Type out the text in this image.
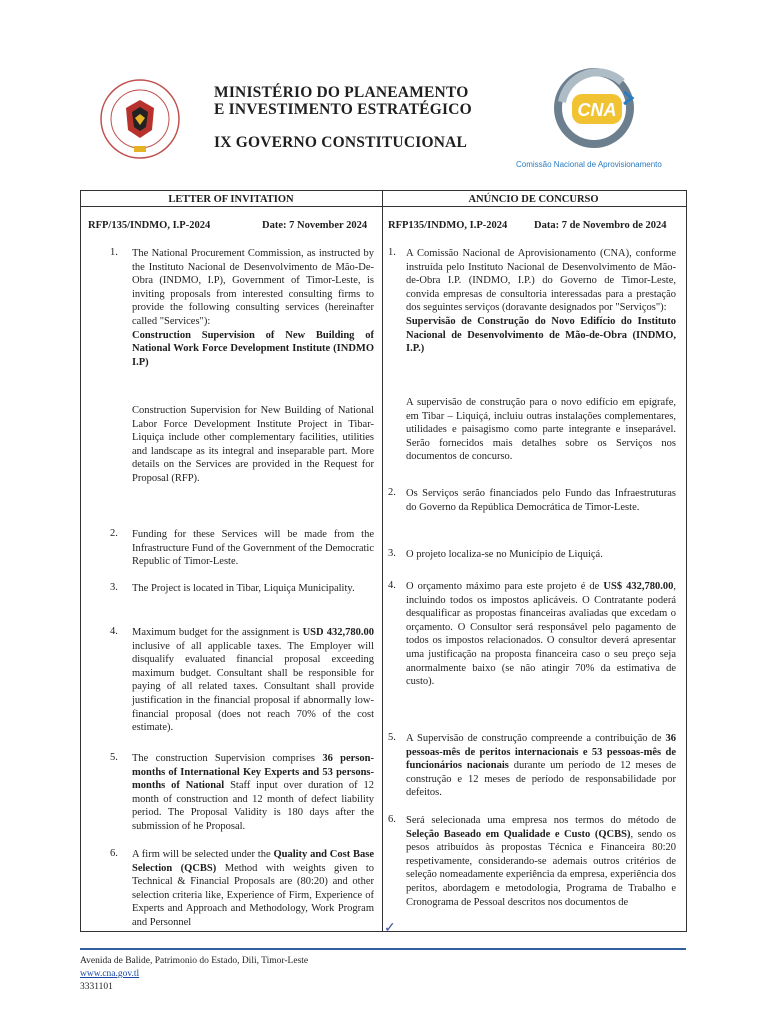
MINISTÉRIO DO PLANEAMENTO
E INVESTIMENTO ESTRATÉGICO
IX GOVERNO CONSTITUCIONAL
CNA
Comissão Nacional de Aprovisionamento
LETTER OF INVITATION
RFP/135/INDMO, I.P-2024	Date: 7 November 2024
1. The National Procurement Commission, as instructed by the Instituto Nacional de Desenvolvimento de Mão-De-Obra (INDMO, I.P), Government of Timor-Leste, is inviting proposals from interested consulting firms to provide the following consulting services (hereinafter called "Services"):
Construction Supervision of New Building of National Work Force Development Institute (INDMO I.P)
Construction Supervision for New Building of National Labor Force Development Institute Project in Tibar-Liquiça include other complementary facilities, utilities and landscape as its integral and inseparable part. More details on the Services are provided in the Request for Proposal (RFP).
2. Funding for these Services will be made from the Infrastructure Fund of the Government of the Democratic Republic of Timor-Leste.
3. The Project is located in Tibar, Liquiça Municipality.
4. Maximum budget for the assignment is USD 432,780.00 inclusive of all applicable taxes. The Employer will disqualify evaluated financial proposal exceeding maximum budget. Consultant shall be responsible for paying of all related taxes. Consultant shall provide justification in the financial proposal if abnormally low-financial proposal (does not reach 70% of the cost estimate).
5. The construction Supervision comprises 36 person-months of International Key Experts and 53 persons-months of National Staff input over duration of 12 month of construction and 12 month of defect liability period. The Proposal Validity is 180 days after the submission of he Proposal.
6. A firm will be selected under the Quality and Cost Base Selection (QCBS) Method with weights given to Technical & Financial Proposals are (80:20) and other selection criteria like, Experience of Firm, Experience of Experts and Approach and Methodology, Work Program and Personnel
ANÚNCIO DE CONCURSO
RFP135/INDMO, I.P-2024	Data: 7 de Novembro de 2024
1. A Comissão Nacional de Aprovisionamento (CNA), conforme instruída pelo Instituto Nacional de Desenvolvimento de Mão-de-Obra I.P. (INDMO, I.P.) do Governo de Timor-Leste, convida empresas de consultoria interessadas para a prestação dos seguintes serviços (doravante designados por "Serviços"):
Supervisão de Construção do Novo Edifício do Instituto Nacional de Desenvolvimento de Mão-de-Obra (INDMO, I.P.)
A supervisão de construção para o novo edifício em epígrafe, em Tibar – Liquiçá, incluiu outras instalações complementares, utilidades e paisagismo como parte integrante e inseparável. Serão fornecidos mais detalhes sobre os Serviços nos documentos de concurso.
2. Os Serviços serão financiados pelo Fundo das Infraestruturas do Governo da República Democrática de Timor-Leste.
3. O projeto localiza-se no Município de Liquiçá.
4. O orçamento máximo para este projeto é de US$ 432,780.00, incluindo todos os impostos aplicáveis. O Contratante poderá desqualificar as propostas financeiras avaliadas que excedam o orçamento. O Consultor será responsável pelo pagamento de todos os impostos relacionados. O consultor deverá apresentar uma justificação na proposta financeira caso o seu preço seja anormalmente baixo (se não atingir 70% da estimativa de custo).
5. A Supervisão de construção compreende a contribuição de 36 pessoas-mês de peritos internacionais e 53 pessoas-mês de funcionários nacionais durante um período de 12 meses de construção e 12 meses de período de responsabilidade por defeitos.
6. Será selecionada uma empresa nos termos do método de Seleção Baseado em Qualidade e Custo (QCBS), sendo os pesos atribuídos às propostas Técnica e Financeira 80:20 respetivamente, considerando-se ademais outros critérios de seleção nomeadamente experiência da empresa, experiência dos peritos, abordagem e metodologia, Programa de Trabalho e Cronograma de Pessoal descritos nos documentos de
✓
Avenida de Balide, Patrimonio do Estado, Dili, Timor-Leste
www.cna.gov.tl
3331101
